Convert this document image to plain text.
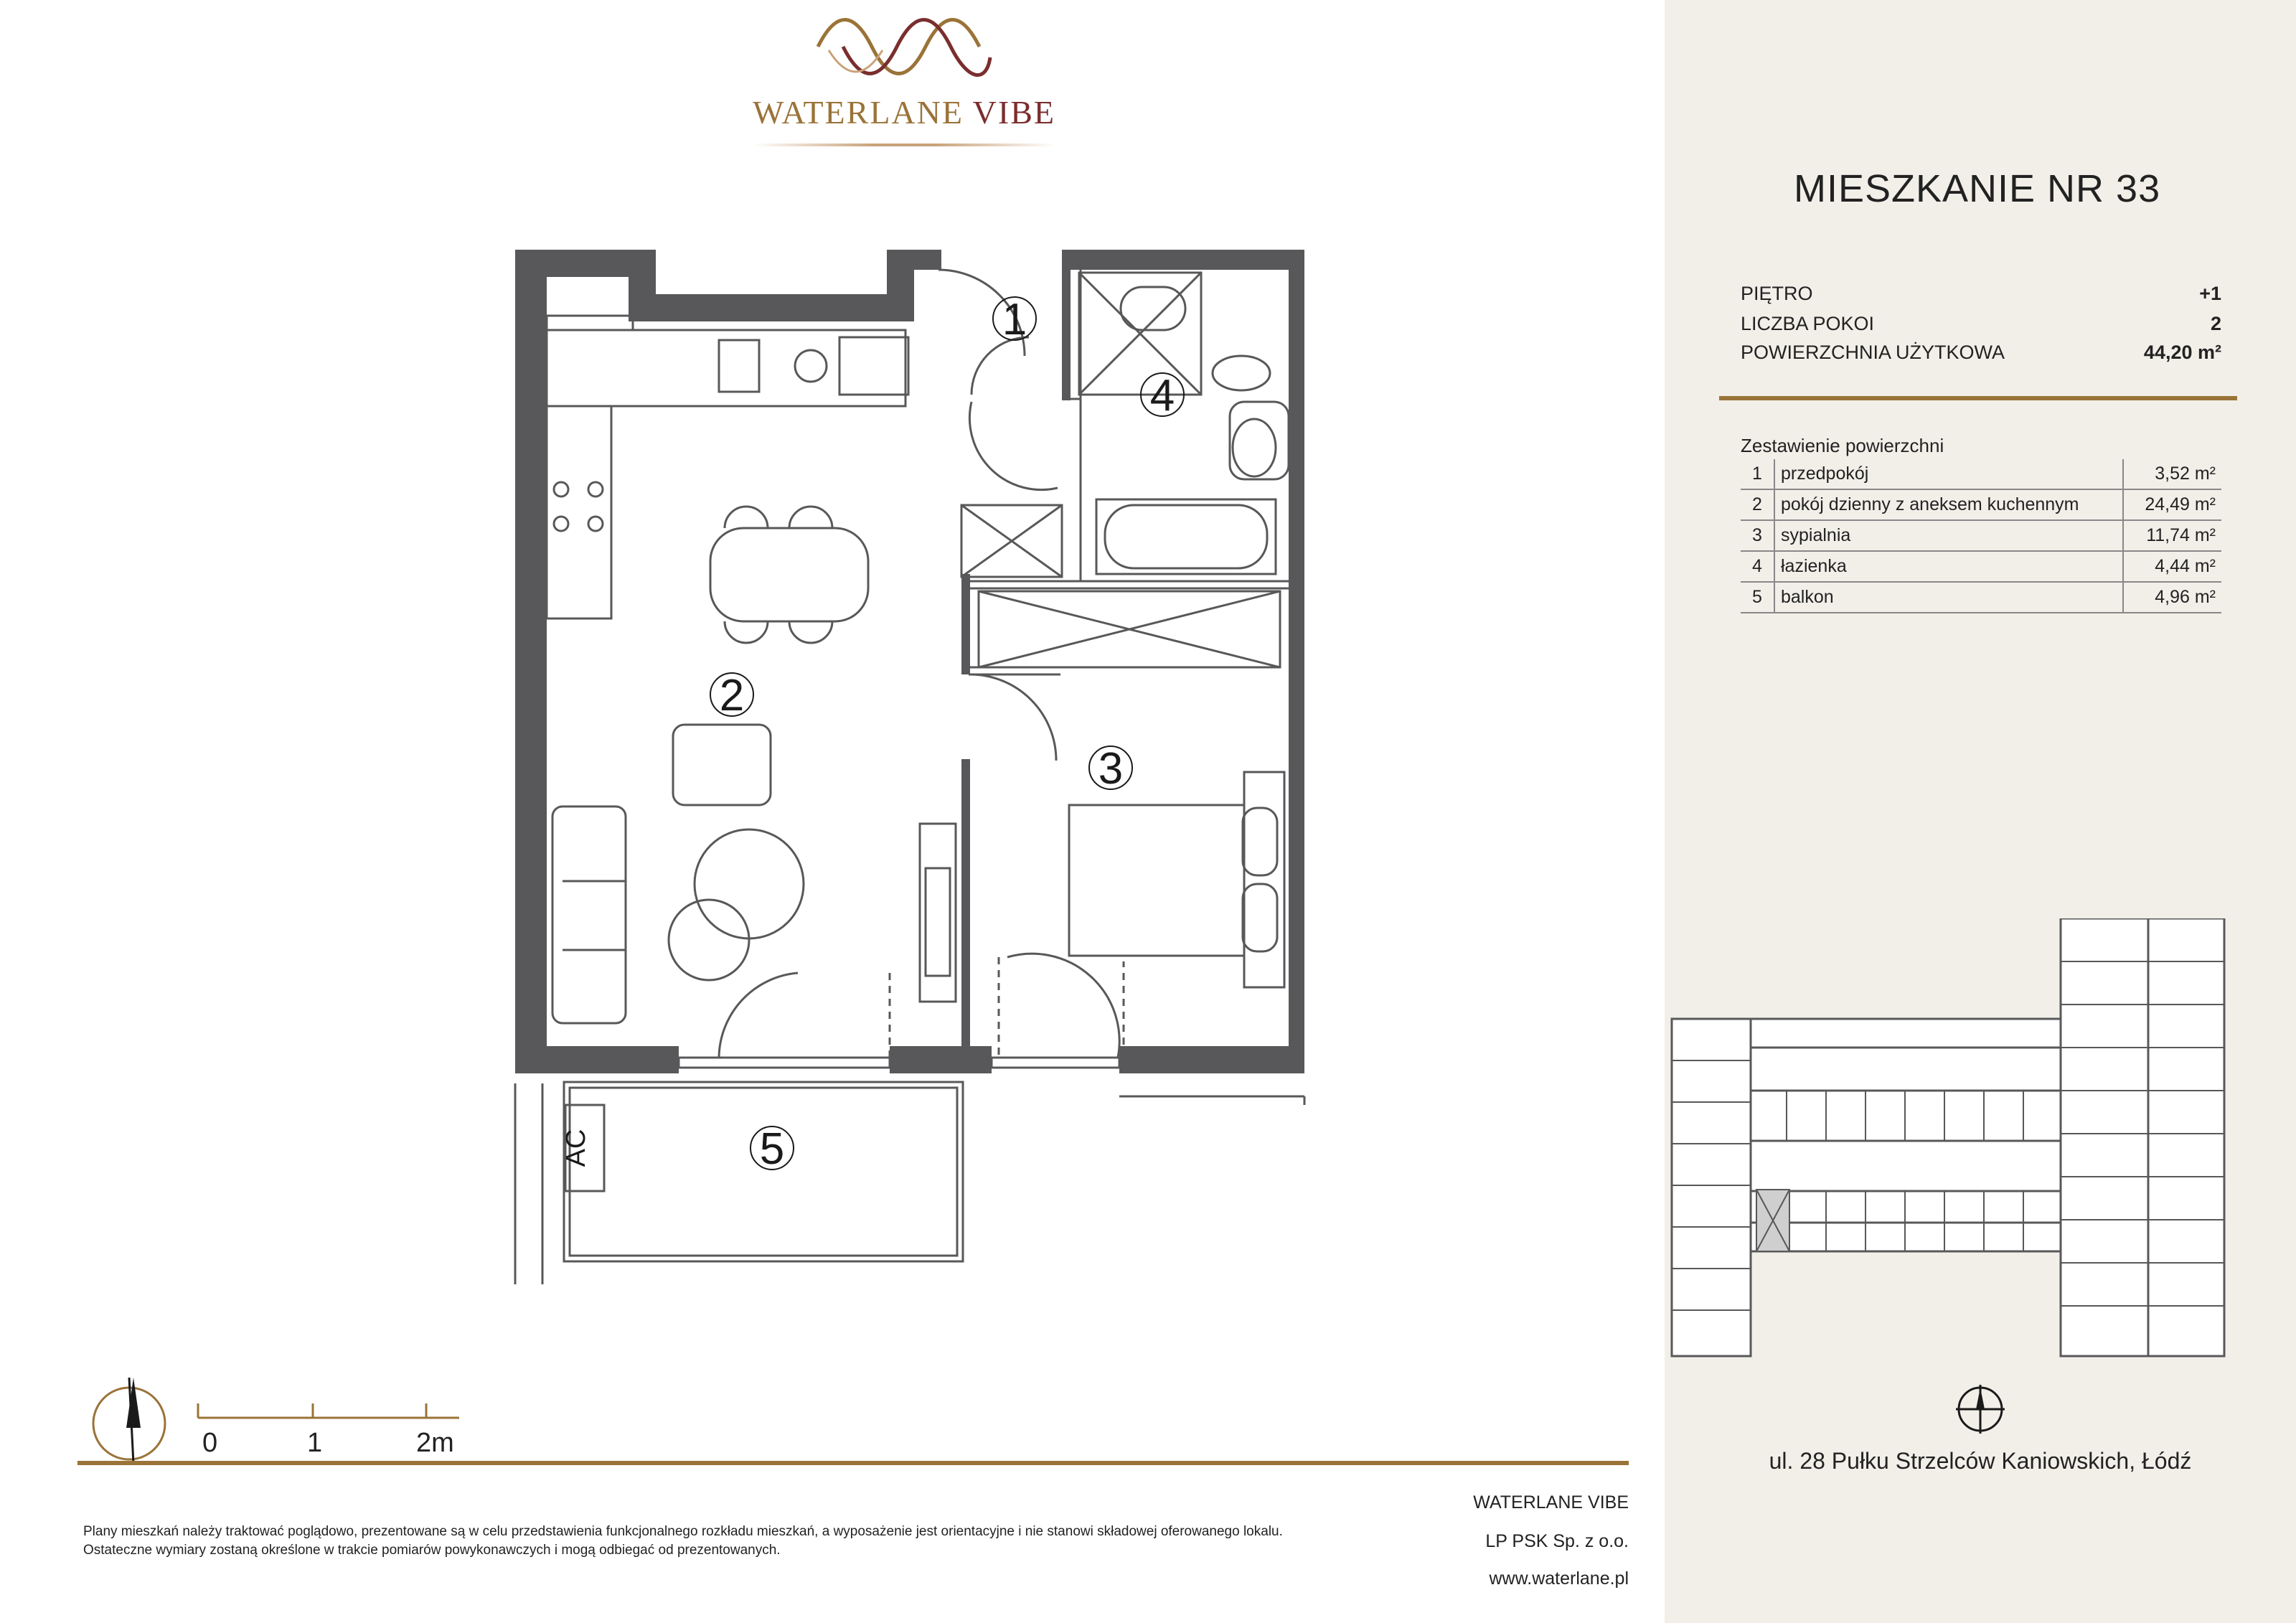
WATERLANE VIBE
1
4
2
3
5
AC
0	1	2m
Plany mieszkań należy traktować poglądowo, prezentowane są w celu przedstawienia funkcjonalnego rozkładu mieszkań, a wyposażenie jest orientacyjne i nie stanowi składowej oferowanego lokalu.
Ostateczne wymiary zostaną określone w trakcie pomiarów powykonawczych i mogą odbiegać od prezentowanych.
WATERLANE VIBE
LP PSK Sp. z o.o.
www.waterlane.pl
MIESZKANIE NR 33
PIĘTRO	+1
LICZBA POKOI	2
POWIERZCHNIA UŻYTKOWA	44,20 m²
Zestawienie powierzchni
1	przedpokój	3,52 m²
2	pokój dzienny z aneksem kuchennym	24,49 m²
3	sypialnia	11,74 m²
4	łazienka	4,44 m²
5	balkon	4,96 m²
ul. 28 Pułku Strzelców Kaniowskich, Łódź
